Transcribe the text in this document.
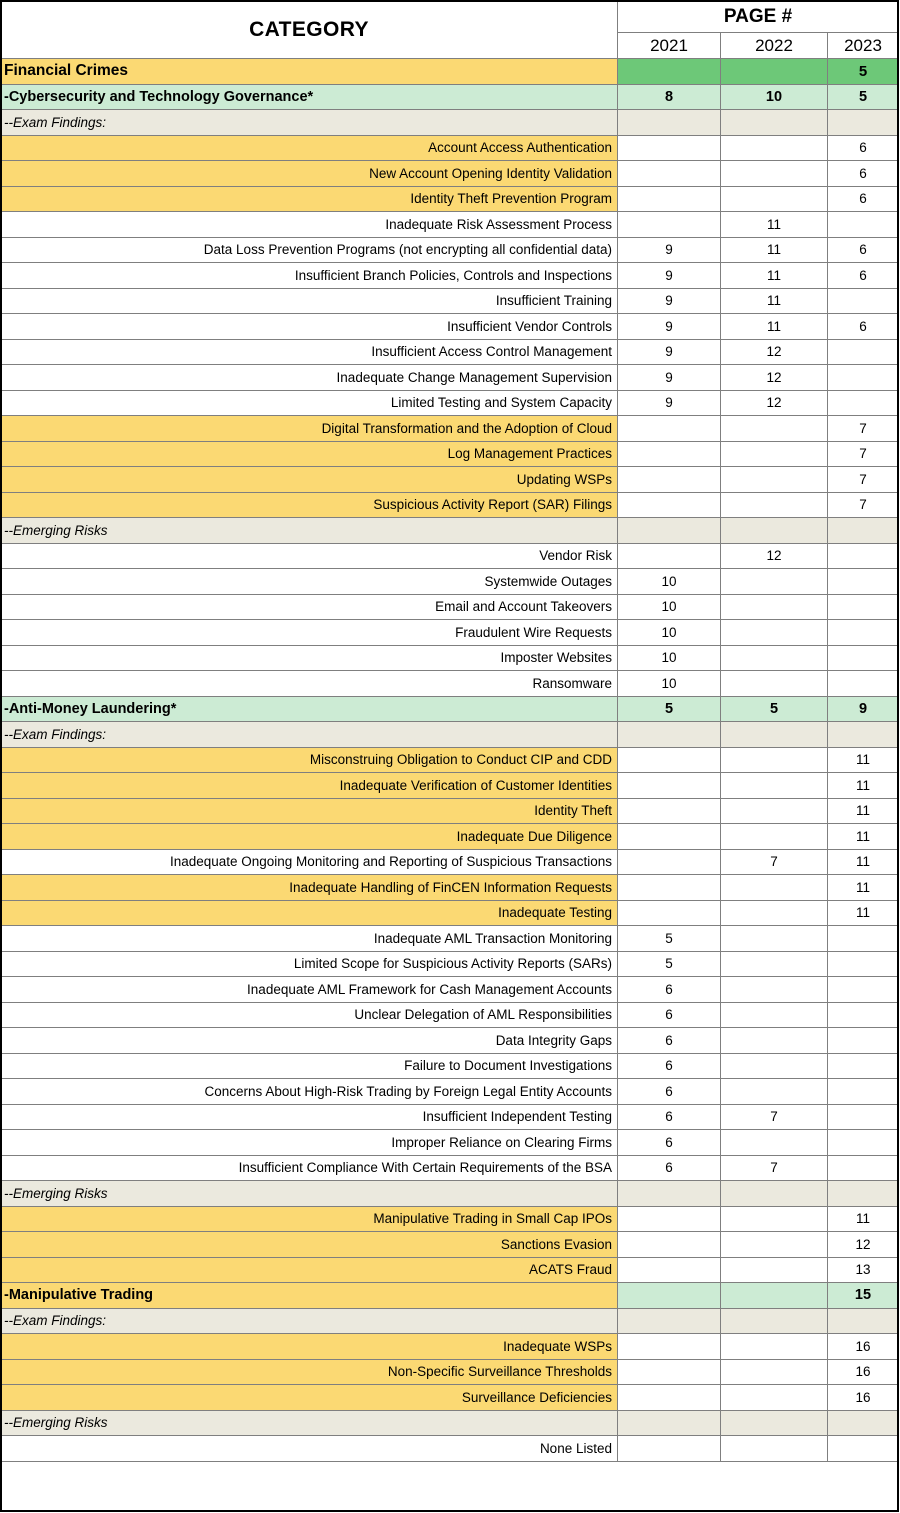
CATEGORY	PAGE #		
	2021	2022	2023
Financial Crimes			5
-Cybersecurity and Technology Governance*	8	10	5
--Exam Findings:			
Account Access Authentication			6
New Account Opening Identity Validation			6
Identity Theft Prevention Program			6
Inadequate Risk Assessment Process		11	
Data Loss Prevention Programs (not encrypting all confidential data)	9	11	6
Insufficient Branch Policies, Controls and Inspections	9	11	6
Insufficient Training	9	11	
Insufficient Vendor Controls	9	11	6
Insufficient Access Control Management	9	12	
Inadequate Change Management Supervision	9	12	
Limited Testing and System Capacity	9	12	
Digital Transformation and the Adoption of Cloud			7
Log Management Practices			7
Updating WSPs			7
Suspicious Activity Report (SAR) Filings			7
--Emerging Risks			
Vendor Risk		12	
Systemwide Outages	10		
Email and Account Takeovers	10		
Fraudulent Wire Requests	10		
Imposter Websites	10		
Ransomware	10		
-Anti-Money Laundering*	5	5	9
--Exam Findings:			
Misconstruing Obligation to Conduct CIP and CDD			11
Inadequate Verification of Customer Identities			11
Identity Theft			11
Inadequate Due Diligence			11
Inadequate Ongoing Monitoring and Reporting of Suspicious Transactions		7	11
Inadequate Handling of FinCEN Information Requests			11
Inadequate Testing			11
Inadequate AML Transaction Monitoring	5		
Limited Scope for Suspicious Activity Reports (SARs)	5		
Inadequate AML Framework for Cash Management Accounts	6		
Unclear Delegation of AML Responsibilities	6		
Data Integrity Gaps	6		
Failure to Document Investigations	6		
Concerns About High-Risk Trading by Foreign Legal Entity Accounts	6		
Insufficient Independent Testing	6	7	
Improper Reliance on Clearing Firms	6		
Insufficient Compliance With Certain Requirements of the BSA	6	7	
--Emerging Risks			
Manipulative Trading in Small Cap IPOs			11
Sanctions Evasion			12
ACATS Fraud			13
-Manipulative Trading			15
--Exam Findings:			
Inadequate WSPs			16
Non-Specific Surveillance Thresholds			16
Surveillance Deficiencies			16
--Emerging Risks			
None Listed			
